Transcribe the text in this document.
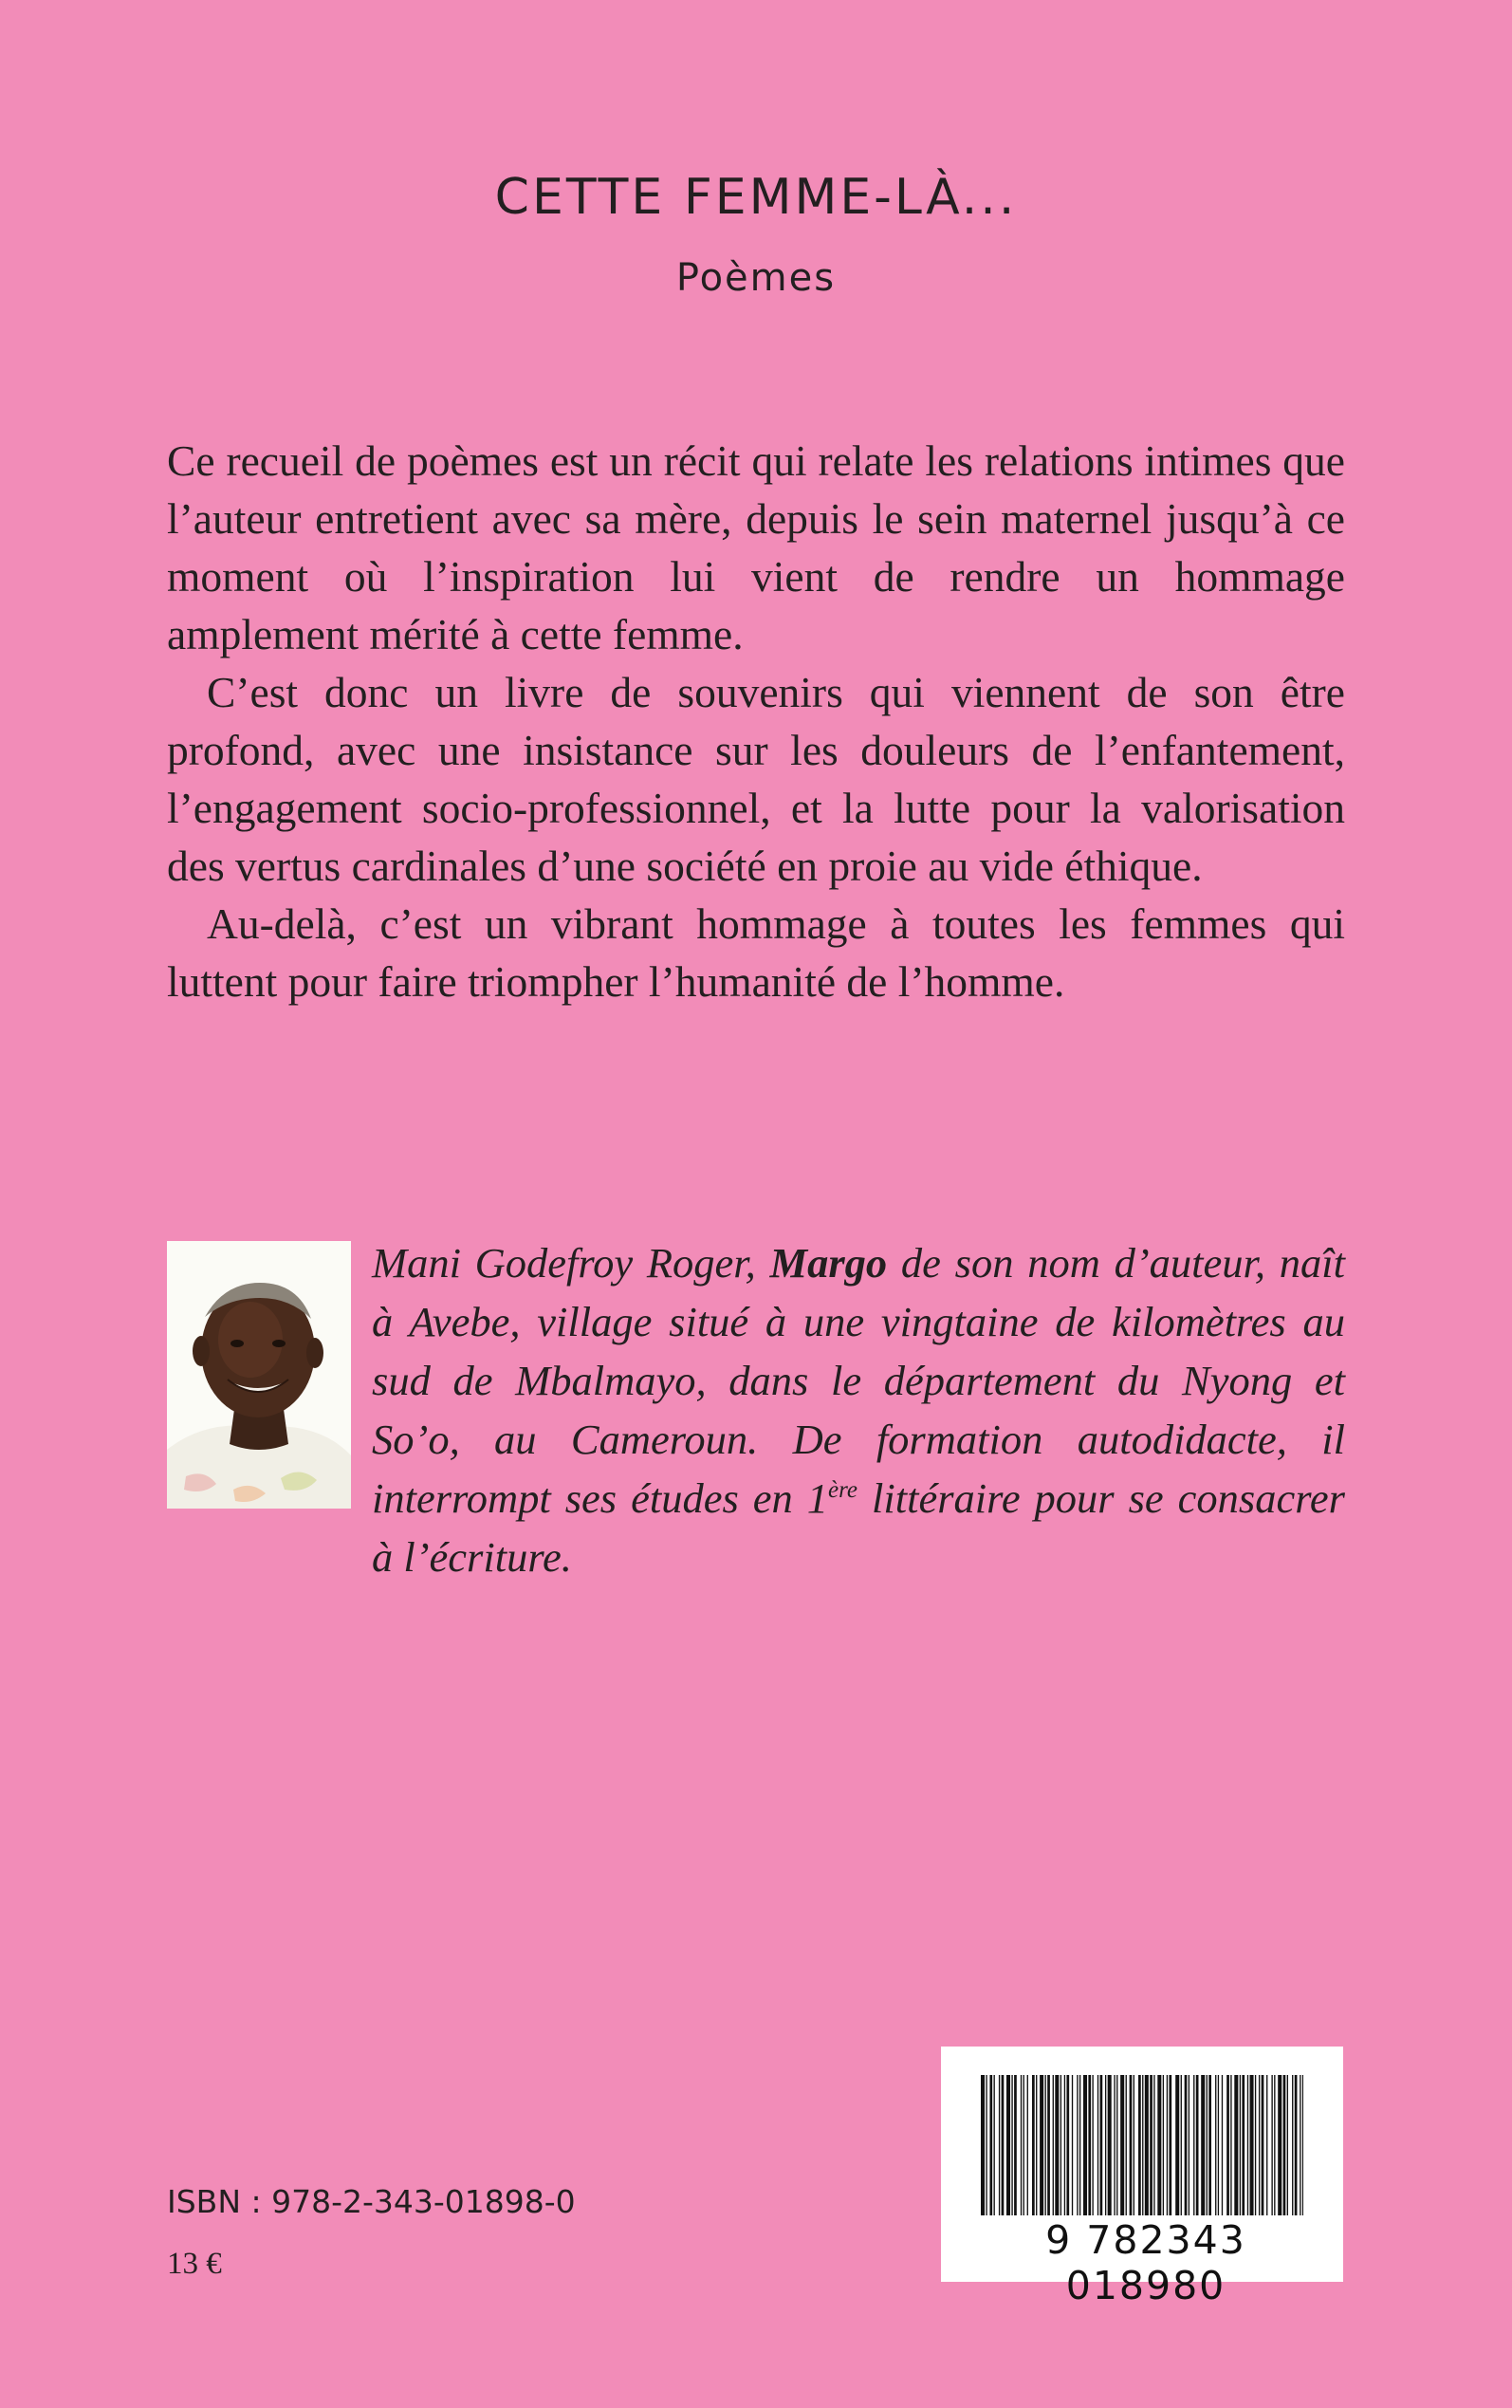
CETTE FEMME-LÀ...
Poèmes

Ce recueil de poèmes est un récit qui relate les relations intimes que l’auteur entretient avec sa mère, depuis le sein maternel jusqu’à ce moment où l’inspiration lui vient de rendre un hommage amplement mérité à cette femme.

C’est donc un livre de souvenirs qui viennent de son être profond, avec une insistance sur les douleurs de l’enfantement, l’engagement socio-professionnel, et la lutte pour la valorisation des vertus cardinales d’une société en proie au vide éthique.

Au-delà, c’est un vibrant hommage à toutes les femmes qui luttent pour faire triompher l’humanité de l’homme.

Mani Godefroy Roger, Margo de son nom d’auteur, naît à Avebe, village situé à une vingtaine de kilomètres au sud de Mbalmayo, dans le département du Nyong et So’o, au Cameroun. De formation autodidacte, il interrompt ses études en 1ère littéraire pour se consacrer à l’écriture.
ISBN : 978-2-343-01898-0
13 €
9 782343 018980
